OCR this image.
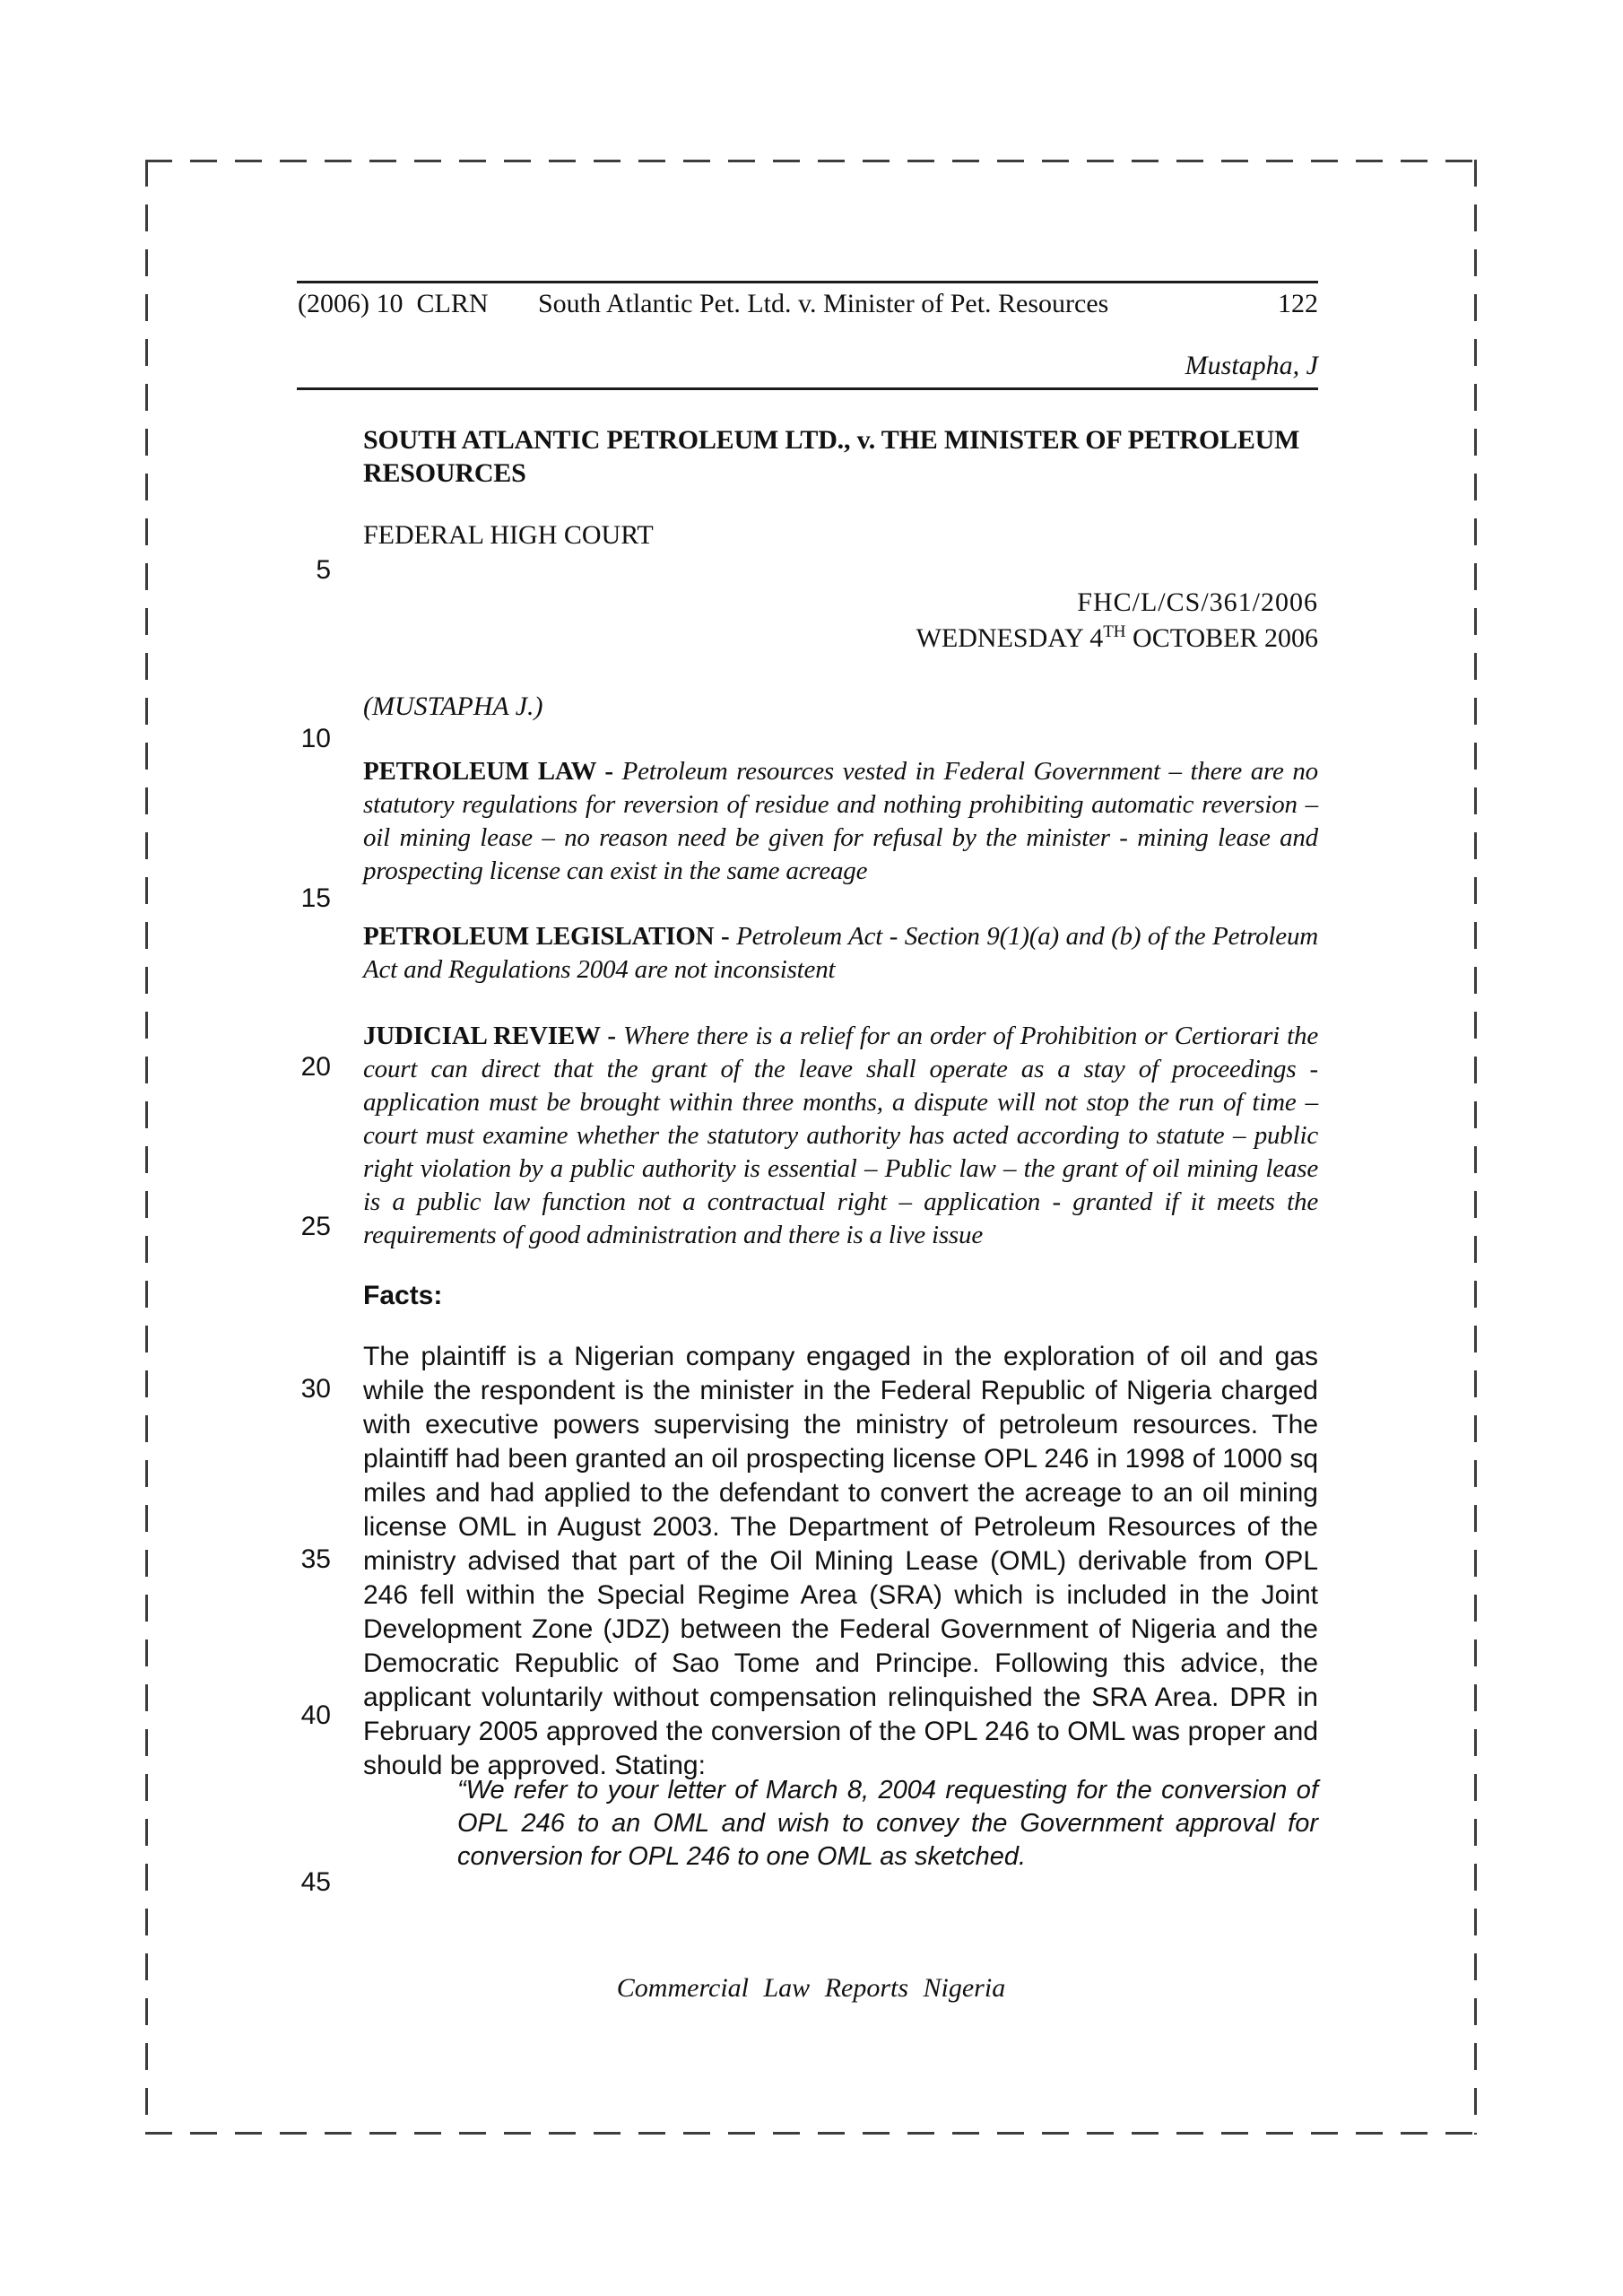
(2006) 10  CLRN South Atlantic Pet. Ltd. v. Minister of Pet. Resources	122
Mustapha, J
SOUTH ATLANTIC PETROLEUM LTD., v. THE MINISTER OF PETROLEUM
RESOURCES
FEDERAL HIGH COURT
FHC/L/CS/361/2006
WEDNESDAY 4TH OCTOBER 2006
(MUSTAPHA J.)
PETROLEUM LAW - Petroleum resources vested in Federal Government – there are no statutory regulations for reversion of residue and nothing prohibiting automatic reversion – oil mining lease – no reason need be given for refusal by the minister - mining lease and prospecting license can exist in the same acreage
PETROLEUM LEGISLATION - Petroleum Act - Section 9(1)(a) and (b) of the Petroleum Act and Regulations 2004 are not inconsistent
JUDICIAL REVIEW - Where there is a relief for an order of Prohibition or Certiorari the court can direct that the grant of the leave shall operate as a stay of proceedings - application must be brought within three months, a dispute will not stop the run of time – court must examine whether the statutory authority has acted according to statute – public right violation by a public authority is essential – Public law – the grant of oil mining lease is a public law function not a contractual right – application - granted if it meets the requirements of good administration and there is a live issue
Facts:
The plaintiff is a Nigerian company engaged in the exploration of oil and gas while the respondent is the minister in the Federal Republic of Nigeria charged with executive powers supervising the ministry of petroleum resources. The plaintiff had been granted an oil prospecting license OPL 246 in 1998 of 1000 sq miles and had applied to the defendant to convert the acreage to an oil mining license OML in August 2003. The Department of Petroleum Resources of the ministry advised that part of the Oil Mining Lease (OML) derivable from OPL 246 fell within the Special Regime Area (SRA) which is included in the Joint Development Zone (JDZ) between the Federal Government of Nigeria and the Democratic Republic of Sao Tome and Principe. Following this advice, the applicant voluntarily without compensation relinquished the SRA Area. DPR in February 2005 approved the conversion of the OPL 246 to OML was proper and should be approved. Stating:
“We refer to your letter of March 8, 2004 requesting for the conversion of OPL 246 to an OML and wish to convey the Government approval for conversion for OPL 246 to one OML as sketched.
5
10
15
20
25
30
35
40
45
Commercial Law Reports Nigeria
